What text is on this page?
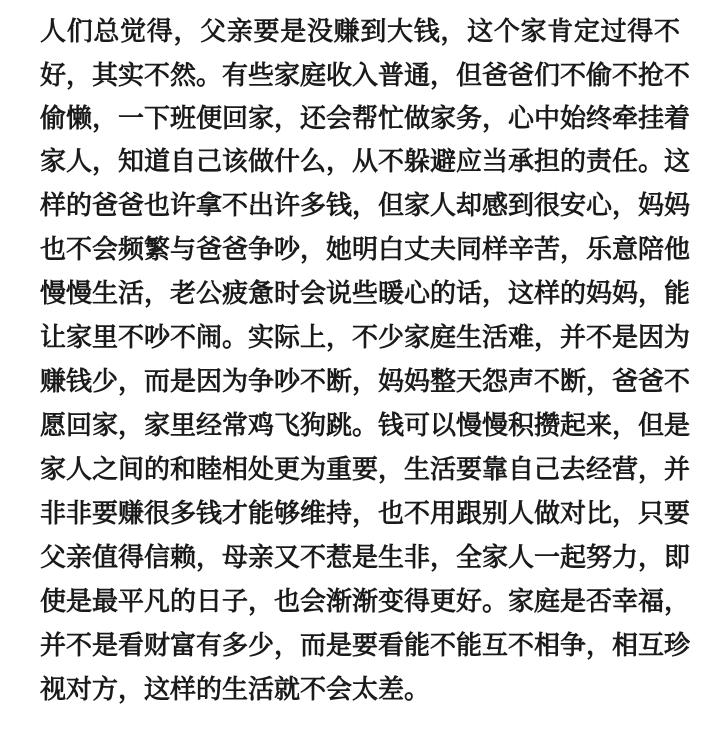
人们总觉得，父亲要是没赚到大钱，这个家肯定过得不
好，其实不然。有些家庭收入普通，但爸爸们不偷不抢不
偷懒，一下班便回家，还会帮忙做家务，心中始终牵挂着
家人，知道自己该做什么，从不躲避应当承担的责任。这
样的爸爸也许拿不出许多钱，但家人却感到很安心，妈妈
也不会频繁与爸爸争吵，她明白丈夫同样辛苦，乐意陪他
慢慢生活，老公疲惫时会说些暖心的话，这样的妈妈，能
让家里不吵不闹。实际上，不少家庭生活难，并不是因为
赚钱少，而是因为争吵不断，妈妈整天怨声不断，爸爸不
愿回家，家里经常鸡飞狗跳。钱可以慢慢积攒起来，但是
家人之间的和睦相处更为重要，生活要靠自己去经营，并
非非要赚很多钱才能够维持，也不用跟别人做对比，只要
父亲值得信赖，母亲又不惹是生非，全家人一起努力，即
使是最平凡的日子，也会渐渐变得更好。家庭是否幸福，
并不是看财富有多少，而是要看能不能互不相争，相互珍
视对方，这样的生活就不会太差。
